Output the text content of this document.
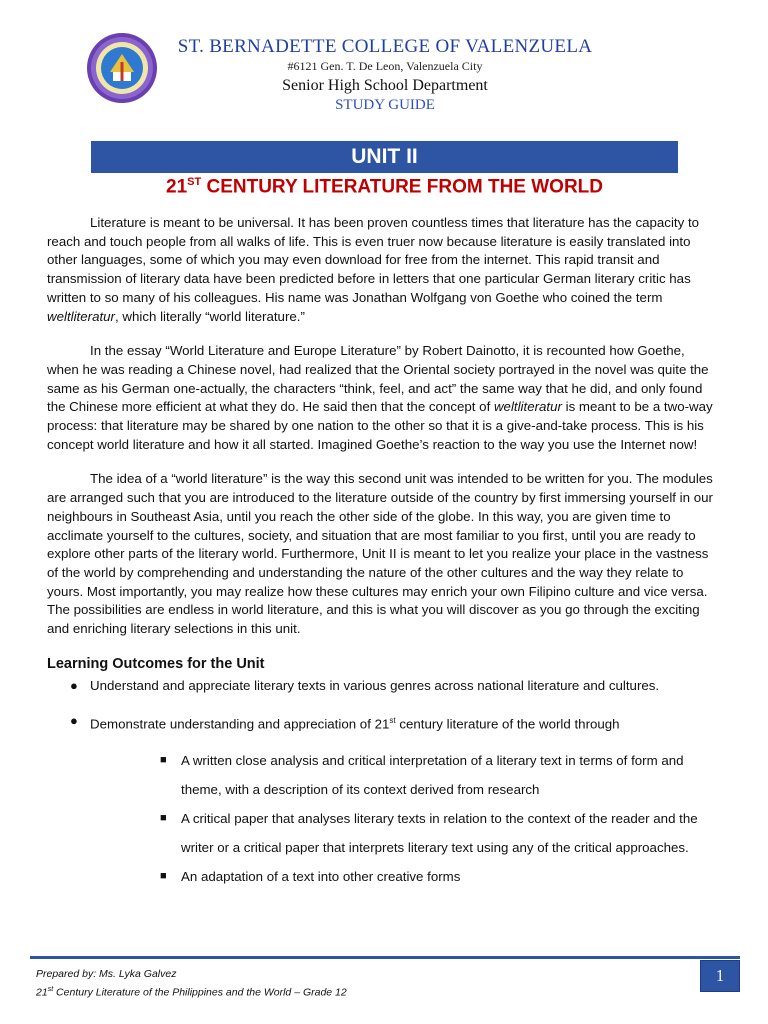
ST. BERNADETTE COLLEGE OF VALENZUELA
#6121 Gen. T. De Leon, Valenzuela City
Senior High School Department
STUDY GUIDE
UNIT II
21ST CENTURY LITERATURE FROM THE WORLD

Literature is meant to be universal. It has been proven countless times that literature has the capacity to reach and touch people from all walks of life. This is even truer now because literature is easily translated into other languages, some of which you may even download for free from the internet. This rapid transit and transmission of literary data have been predicted before in letters that one particular German literary critic has written to so many of his colleagues. His name was Jonathan Wolfgang von Goethe who coined the term weltliteratur, which literally “world literature.”

In the essay “World Literature and Europe Literature” by Robert Dainotto, it is recounted how Goethe, when he was reading a Chinese novel, had realized that the Oriental society portrayed in the novel was quite the same as his German one-actually, the characters “think, feel, and act” the same way that he did, and only found the Chinese more efficient at what they do. He said then that the concept of weltliteratur is meant to be a two-way process: that literature may be shared by one nation to the other so that it is a give-and-take process. This is his concept world literature and how it all started. Imagined Goethe’s reaction to the way you use the Internet now!

The idea of a “world literature” is the way this second unit was intended to be written for you. The modules are arranged such that you are introduced to the literature outside of the country by first immersing yourself in our neighbours in Southeast Asia, until you reach the other side of the globe. In this way, you are given time to acclimate yourself to the cultures, society, and situation that are most familiar to you first, until you are ready to explore other parts of the literary world. Furthermore, Unit II is meant to let you realize your place in the vastness of the world by comprehending and understanding the nature of the other cultures and the way they relate to yours. Most importantly, you may realize how these cultures may enrich your own Filipino culture and vice versa. The possibilities are endless in world literature, and this is what you will discover as you go through the exciting and enriching literary selections in this unit.

Learning Outcomes for the Unit

● Understand and appreciate literary texts in various genres across national literature and cultures.

● Demonstrate understanding and appreciation of 21st century literature of the world through

■ A written close analysis and critical interpretation of a literary text in terms of form and theme, with a description of its context derived from research

■ A critical paper that analyses literary texts in relation to the context of the reader and the writer or a critical paper that interprets literary text using any of the critical approaches.

■ An adaptation of a text into other creative forms

Prepared by: Ms. Lyka Galvez
21st Century Literature of the Philippines and the World – Grade 12
1
